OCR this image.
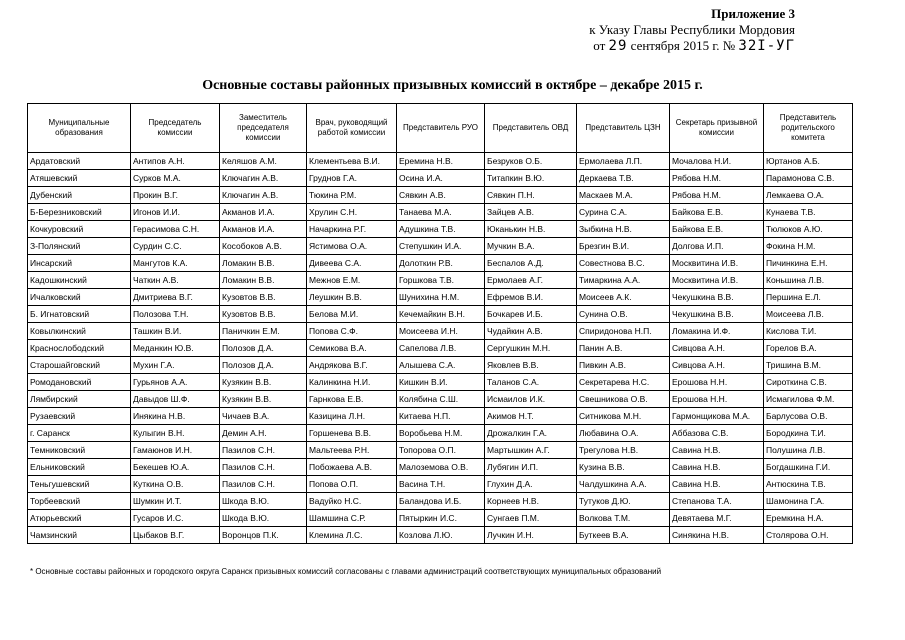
Приложение 3
к Указу Главы Республики Мордовия
от 29 сентября 2015 г. № 32I-УГ
Основные составы районных призывных комиссий в октябре – декабре 2015 г.
Муниципальные образования	Председатель комиссии	Заместитель председателя комиссии	Врач, руководящий работой комиссии	Представитель РУО	Представитель ОВД	Представитель ЦЗН	Секретарь призывной комиссии	Представитель родительского комитета
Ардатовский	Антипов А.Н.	Келяшов А.М.	Клементьева В.И.	Еремина Н.В.	Безруков О.Б.	Ермолаева Л.П.	Мочалова Н.И.	Юртанов А.Б.
Атяшевский	Сурков М.А.	Ключагин А.В.	Груднов Г.А.	Осина И.А.	Титапкин В.Ю.	Деркаева Т.В.	Рябова Н.М.	Парамонова С.В.
Дубенский	Прокин В.Г.	Ключагин А.В.	Тюкина Р.М.	Сявкин А.В.	Сявкин П.Н.	Маскаев М.А.	Рябова Н.М.	Лемкаева О.А.
Б-Березниковский	Игонов И.И.	Акманов И.А.	Хрулин С.Н.	Танаева М.А.	Зайцев А.В.	Сурина С.А.	Байкова Е.В.	Кунаева Т.В.
Кочкуровский	Герасимова С.Н.	Акманов И.А.	Начаркина Р.Г.	Адушкина Т.В.	Юканькин Н.В.	Зыбкина Н.В.	Байкова Е.В.	Тюлюков А.Ю.
З-Полянский	Сурдин С.С.	Кособоков А.В.	Ястимова О.А.	Степушкин И.А.	Мучкин В.А.	Брезгин В.И.	Долгова И.П.	Фокина Н.М.
Инсарский	Мангутов К.А.	Ломакин В.В.	Дивеева С.А.	Долоткин Р.В.	Беспалов А.Д.	Совестнова В.С.	Москвитина И.В.	Пичинкина Е.Н.
Кадошкинский	Чаткин А.В.	Ломакин В.В.	Межнов Е.М.	Горшкова Т.В.	Ермолаев А.Г.	Тимаркина А.А.	Москвитина И.В.	Коньшина Л.В.
Ичалковский	Дмитриева В.Г.	Кузовтов В.В.	Леушкин В.В.	Шунихина Н.М.	Ефремов В.И.	Моисеев А.К.	Чекушкина В.В.	Першина Е.Л.
Б. Игнатовский	Полозова Т.Н.	Кузовтов В.В.	Белова М.И.	Кечемайкин В.Н.	Бочкарев И.Б.	Сунина О.В.	Чекушкина В.В.	Моисеева Л.В.
Ковылкинский	Ташкин В.И.	Паничкин Е.М.	Попова С.Ф.	Моисеева И.Н.	Чудайкин А.В.	Спиридонова Н.П.	Ломакина И.Ф.	Кислова Т.И.
Краснослободский	Меданкин Ю.В.	Полозов Д.А.	Семикова В.А.	Сапелова Л.В.	Сергушкин М.Н.	Панин А.В.	Сивцова А.Н.	Горелов В.А.
Старошайговский	Мухин Г.А.	Полозов Д.А.	Андрякова В.Г.	Алышева С.А.	Яковлев В.В.	Пивкин А.В.	Сивцова А.Н.	Тришина В.М.
Ромодановский	Гурьянов А.А.	Кузякин В.В.	Калинкина Н.И.	Кишкин В.И.	Таланов С.А.	Секретарева Н.С.	Ерошова Н.Н.	Сироткина С.В.
Лямбирский	Давыдов Ш.Ф.	Кузякин В.В.	Гарнкова Е.В.	Колябина С.Ш.	Исмаилов И.К.	Свешникова О.В.	Ерошова Н.Н.	Исмагилова Ф.М.
Рузаевский	Инякина Н.В.	Чичаев В.А.	Казицина Л.Н.	Китаева Н.П.	Акимов Н.Т.	Ситникова М.Н.	Гармонщикова М.А.	Барлусова О.В.
г. Саранск	Кулыгин В.Н.	Демин А.Н.	Горшенева В.В.	Воробьева Н.М.	Дрожалкин Г.А.	Любавина О.А.	Аббазова С.В.	Бородкина Т.И.
Темниковский	Гамаюнов И.Н.	Пазилов С.Н.	Мальтеева Р.Н.	Топорова О.П.	Мартышкин А.Г.	Трегулова Н.В.	Савина Н.В.	Полушина Л.В.
Ельниковский	Бекешев Ю.А.	Пазилов С.Н.	Побожаева А.В.	Малоземова О.В.	Лубягин И.П.	Кузина В.В.	Савина Н.В.	Богдашкина Г.И.
Теньгушевский	Куткина О.В.	Пазилов С.Н.	Попова О.П.	Васина Т.Н.	Глухин Д.А.	Чалдушкина А.А.	Савина Н.В.	Антюскина Т.В.
Торбеевский	Шумкин И.Т.	Шкода В.Ю.	Вадуйко Н.С.	Баландова И.Б.	Корнеев Н.В.	Тутуков Д.Ю.	Степанова Т.А.	Шамонина Г.А.
Атюрьевский	Гусаров И.С.	Шкода В.Ю.	Шамшина С.Р.	Пятыркин И.С.	Сунгаев П.М.	Волкова Т.М.	Девятаева М.Г.	Еремкина Н.А.
Чамзинский	Цыбаков В.Г.	Воронцов П.К.	Клемина Л.С.	Козлова Л.Ю.	Лучкин И.Н.	Буткеев В.А.	Синякина Н.В.	Столярова О.Н.
* Основные составы районных и городского округа Саранск призывных комиссий согласованы с главами администраций соответствующих муниципальных образований
